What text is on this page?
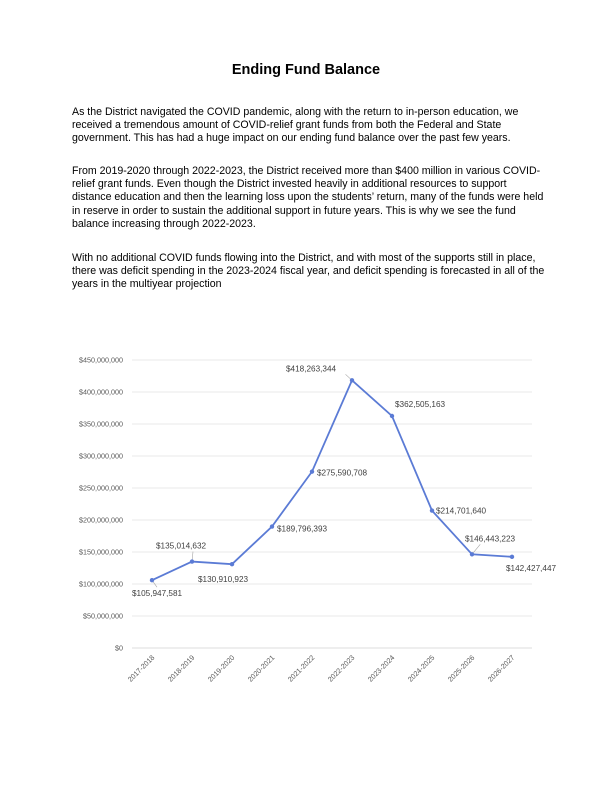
Ending Fund Balance

As the District navigated the COVID pandemic, along with the return to in-person education, we received a tremendous amount of COVID-relief grant funds from both the Federal and State government. This has had a huge impact on our ending fund balance over the past few years.

From 2019-2020 through 2022-2023, the District received more than $400 million in various COVID-relief grant funds. Even though the District invested heavily in additional resources to support distance education and then the learning loss upon the students’ return, many of the funds were held in reserve in order to sustain the additional support in future years. This is why we see the fund balance increasing through 2022-2023.

With no additional COVID funds flowing into the District, and with most of the supports still in place, there was deficit spending in the 2023-2024 fiscal year, and deficit spending is forecasted in all of the years in the multiyear projection

$0
$50,000,000
$100,000,000
$150,000,000
$200,000,000
$250,000,000
$300,000,000
$350,000,000
$400,000,000
$450,000,000
2017-2018 2018-2019 2019-2020 2020-2021 2021-2022 2022-2023 2023-2024 2024-2025 2025-2026 2026-2027
$105,947,581
$135,014,632
$130,910,923
$189,796,393
$275,590,708
$418,263,344
$362,505,163
$214,701,640
$146,443,223
$142,427,447
